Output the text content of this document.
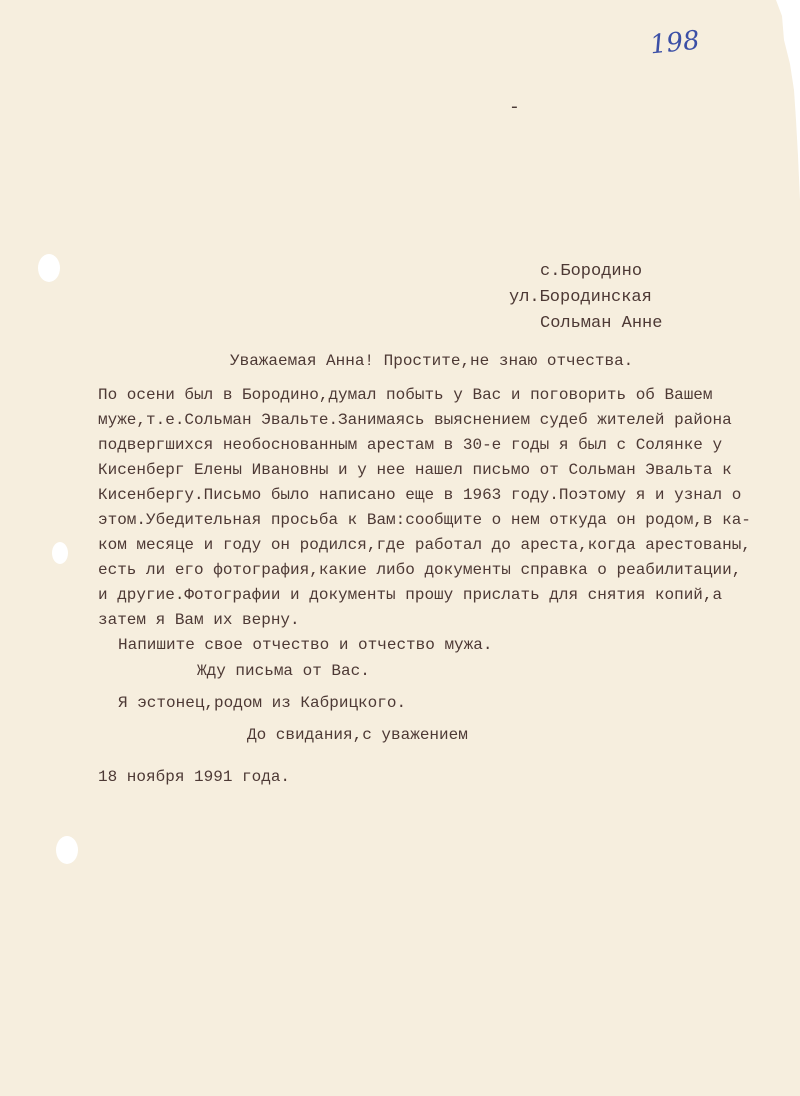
198
-
с.Бородино
ул.Бородинская
Сольман Анне
Уважаемая Анна! Простите,не знаю отчества.
По осени был в Бородино,думал побыть у Вас и поговорить об Вашем
муже,т.е.Сольман Эвальте.Занимаясь выяснением судеб жителей района
подвергшихся необоснованным арестам в 30-е годы я был с Солянке у
Кисенберг Елены Ивановны и у нее нашел письмо от Сольман Эвальта к
Кисенбергу.Письмо было написано еще в 1963 году.Поэтому я и узнал о
этом.Убедительная просьба к Вам:сообщите о нем откуда он родом,в ка-
ком месяце и году он родился,где работал до ареста,когда арестованы,
есть ли его фотография,какие либо документы справка о реабилитации,
и другие.Фотографии и документы прошу прислать для снятия копий,а
затем я Вам их верну.
Напишите свое отчество и отчество мужа.
Жду письма от Вас.
Я эстонец,родом из Кабрицкого.
До свидания,с уважением
18 ноября 1991 года.
